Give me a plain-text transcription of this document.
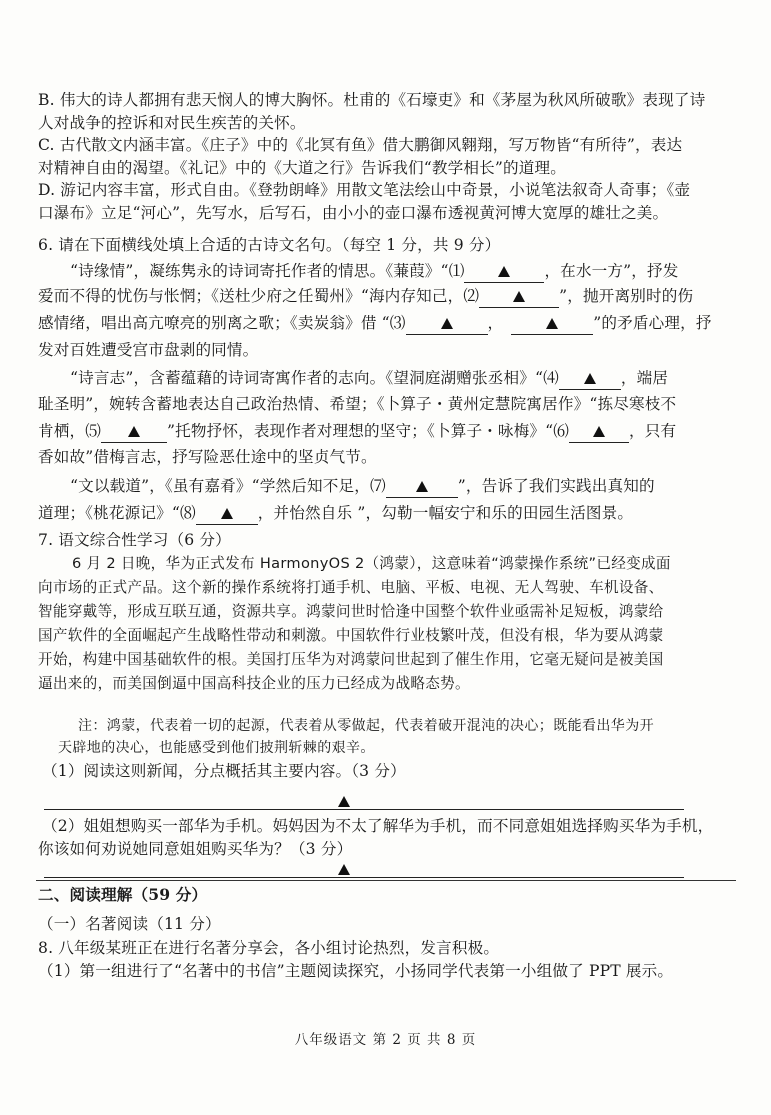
B. 伟大的诗人都拥有悲天悯人的博大胸怀。杜甫的《石壕吏》和《茅屋为秋风所破歌》表现了诗
人对战争的控诉和对民生疾苦的关怀。
C. 古代散文内涵丰富。《庄子》中的《北冥有鱼》借大鹏御风翱翔，写万物皆“有所待”，表达
对精神自由的渴望。《礼记》中的《大道之行》告诉我们“教学相长”的道理。
D. 游记内容丰富，形式自由。《登勃朗峰》用散文笔法绘山中奇景，小说笔法叙奇人奇事；《壶
口瀑布》立足“河心”，先写水，后写石，由小小的壶口瀑布透视黄河博大宽厚的雄壮之美。
6. 请在下面横线处填上合适的古诗文名句。（每空 1 分，共 9 分）
“诗缘情”，凝练隽永的诗词寄托作者的情思。《蒹葭》“⑴	，在水一方”，抒发
爱而不得的忧伤与怅惘；《送杜少府之任蜀州》“海内存知己，⑵	”，抛开离别时的伤
感情绪，唱出高亢嘹亮的别离之歌；《卖炭翁》借 “⑶	，	”的矛盾心理，抒
发对百姓遭受宫市盘剥的同情。
“诗言志”，含蓄蕴藉的诗词寄寓作者的志向。《望洞庭湖赠张丞相》“⑷	，端居
耻圣明”，婉转含蓄地表达自己政治热情、希望；《卜算子・黄州定慧院寓居作》“拣尽寒枝不
肯栖，⑸	”托物抒怀，表现作者对理想的坚守；《卜算子・咏梅》“⑹	，只有
香如故”借梅言志，抒写险恶仕途中的坚贞气节。
“文以载道”，《虽有嘉肴》“学然后知不足，⑺	”，告诉了我们实践出真知的
道理；《桃花源记》“⑻	，并怡然自乐 ”，勾勒一幅安宁和乐的田园生活图景。
7. 语文综合性学习（6 分）
6 月 2 日晚，华为正式发布 HarmonyOS 2（鸿蒙），这意味着“鸿蒙操作系统”已经变成面
向市场的正式产品。这个新的操作系统将打通手机、电脑、平板、电视、无人驾驶、车机设备、
智能穿戴等，形成互联互通，资源共享。鸿蒙问世时恰逢中国整个软件业亟需补足短板，鸿蒙给
国产软件的全面崛起产生战略性带动和刺激。中国软件行业枝繁叶茂，但没有根，华为要从鸿蒙
开始，构建中国基础软件的根。美国打压华为对鸿蒙问世起到了催生作用，它毫无疑问是被美国
逼出来的，而美国倒逼中国高科技企业的压力已经成为战略态势。
注：鸿蒙，代表着一切的起源，代表着从零做起，代表着破开混沌的决心；既能看出华为开
天辟地的决心，也能感受到他们披荆斩棘的艰辛。
（1）阅读这则新闻，分点概括其主要内容。（3 分）
（2）姐姐想购买一部华为手机。妈妈因为不太了解华为手机，而不同意姐姐选择购买华为手机，
你该如何劝说她同意姐姐购买华为？（3 分）
二、阅读理解（59 分）
（一）名著阅读（11 分）
8. 八年级某班正在进行名著分享会，各小组讨论热烈，发言积极。
（1）第一组进行了“名著中的书信”主题阅读探究，小扬同学代表第一小组做了 PPT 展示。
八年级语文 第 2 页 共 8 页
